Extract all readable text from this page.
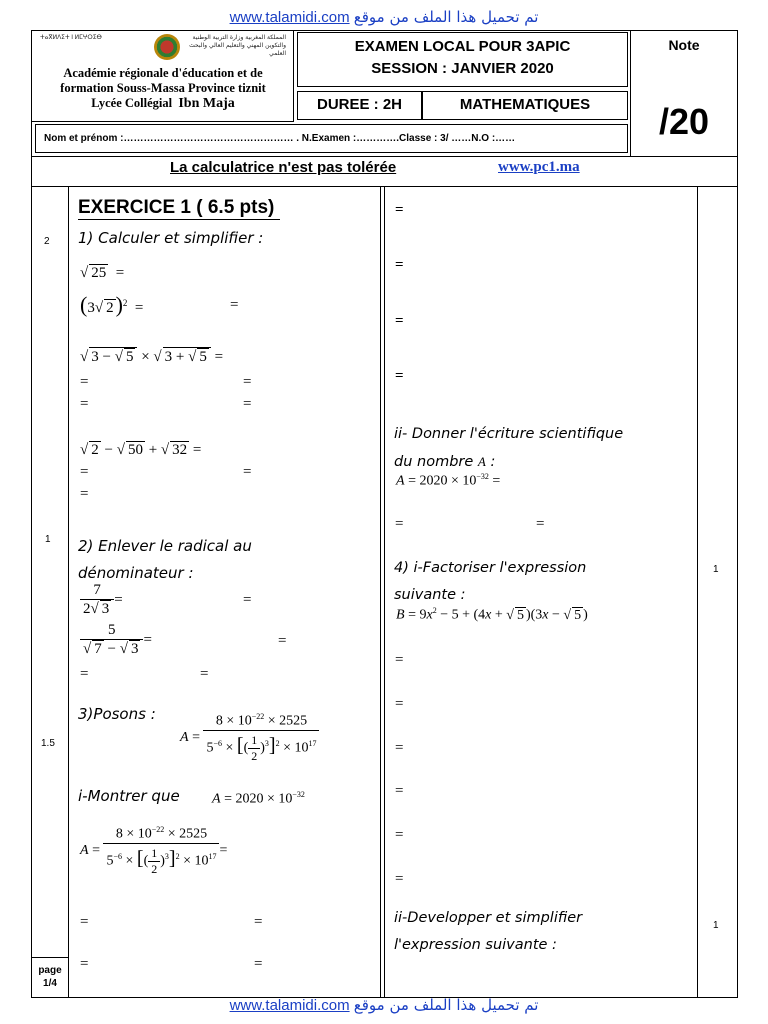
www.talamidi.com تم تحميل هذا الملف من موقع
ⵜⴰⴳⵍⴷⵉⵜ ⵏ ⵍⵎⵖⵔⵉⴱ	المملكة المغربية وزارة التربية الوطنية والتكوين المهني والتعليم العالي والبحث العلمي
Académie régionale d'éducation et de
formation Souss-Massa Province tiznit
Lycée Collégial Ibn Maja
EXAMEN LOCAL POUR 3APIC
SESSION : JANVIER 2020
DUREE : 2H	MATHEMATIQUES
Note
/20
Nom et prénom :…………………………………………… . N.Examen :………….Classe : 3/ ……N.O :……
La calculatrice n'est pas tolérée	www.pc1.ma
2
1
1.5
1
1
page
1/4
EXERCICE 1 ( 6.5 pts)
1) Calculer et simplifier :
√ 25 =
(3 √ 2)$^2$ =	=
√ 3 − √ 5 × √ 3 + √ 5 =
=	=
=	=
√ 2 − √ 50 + √ 32 =
=	=
=
2) Enlever le radical au
dénominateur :
$\frac{7}{2 √ 3}$ =	=
5
√ 7 − √ 3 =	=
=	=
3)Posons :
$A = \frac{8 \times 10^{-22} \times 2525}{5^{-6} \times [( \frac{1}{2} )^3]^2 \times 10^{17}}$
i-Montrer que $A = 2020 \times 10^{-32}$
$A = \frac{8 \times 10^{-22} \times 2525}{5^{-6} \times [( \frac{1}{2} )^3]^2 \times 10^{17}}$ =
=	=
=	=
=
=
=
=
ii- Donner l'écriture scientifique
du nombre A :
$A = 2020 \times 10^{-32}$ =
=	=
4) i-Factoriser l'expression
suivante :
$B = 9x^2 - 5 + (4x$ + √ 5 )(3x − √ 5 )
=
=
=
=
=
=
ii-Developper et simplifier
l'expression suivante :
www.talamidi.com تم تحميل هذا الملف من موقع
